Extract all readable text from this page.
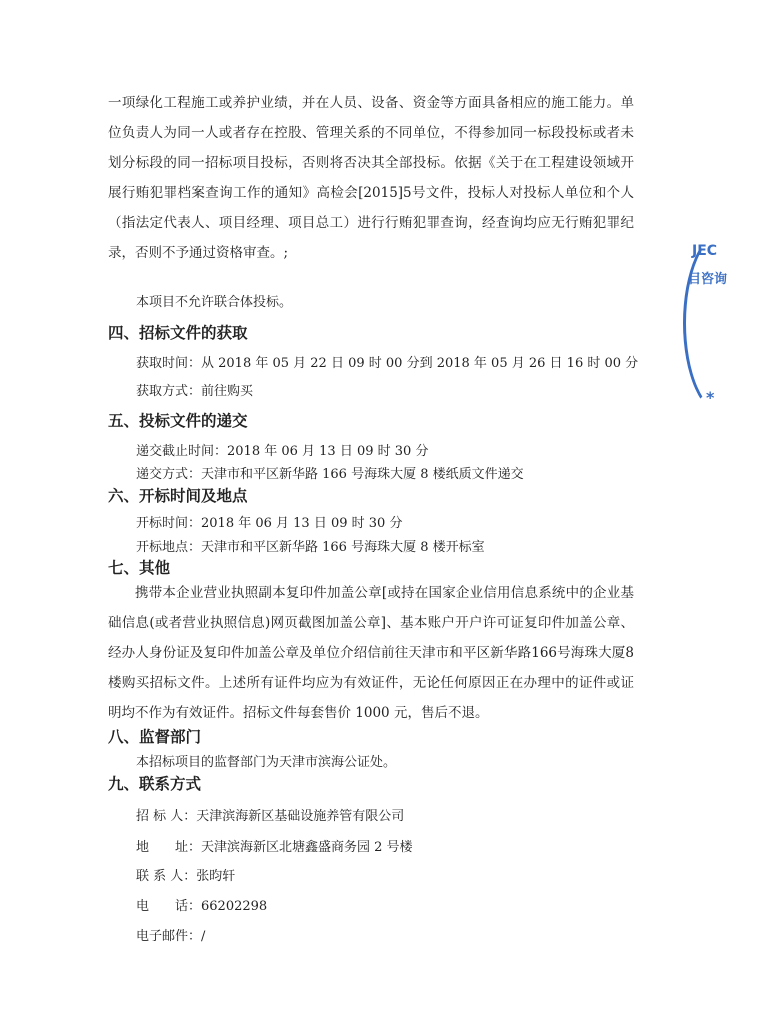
一项绿化工程施工或养护业绩，并在人员、设备、资金等方面具备相应的施工能力。单位负责人为同一人或者存在控股、管理关系的不同单位，不得参加同一标段投标或者未划分标段的同一招标项目投标，否则将否决其全部投标。依据《关于在工程建设领域开展行贿犯罪档案查询工作的通知》高检会[2015]5号文件，投标人对投标人单位和个人（指法定代表人、项目经理、项目总工）进行行贿犯罪查询，经查询均应无行贿犯罪纪录，否则不予通过资格审查。;

本项目不允许联合体投标。
四、招标文件的获取
获取时间：从 2018 年 05 月 22 日 09 时 00 分到 2018 年 05 月 26 日 16 时 00 分
获取方式：前往购买
五、投标文件的递交
递交截止时间：2018 年 06 月 13 日 09 时 30 分
递交方式：天津市和平区新华路 166 号海珠大厦 8 楼纸质文件递交
六、开标时间及地点
开标时间：2018 年 06 月 13 日 09 时 30 分
开标地点：天津市和平区新华路 166 号海珠大厦 8 楼开标室
七、其他

携带本企业营业执照副本复印件加盖公章[或持在国家企业信用信息系统中的企业基础信息(或者营业执照信息)网页截图加盖公章]、基本账户开户许可证复印件加盖公章、经办人身份证及复印件加盖公章及单位介绍信前往天津市和平区新华路166号海珠大厦8楼购买招标文件。上述所有证件均应为有效证件，无论任何原因正在办理中的证件或证明均不作为有效证件。招标文件每套售价 1000 元，售后不退。

八、监督部门
本招标项目的监督部门为天津市滨海公证处。
九、联系方式
招 标 人：天津滨海新区基础设施养管有限公司
地　　址：天津滨海新区北塘鑫盛商务园 2 号楼
联 系 人：张昀轩
电　　话：66202298
电子邮件：/
JEC
目咨询
*
